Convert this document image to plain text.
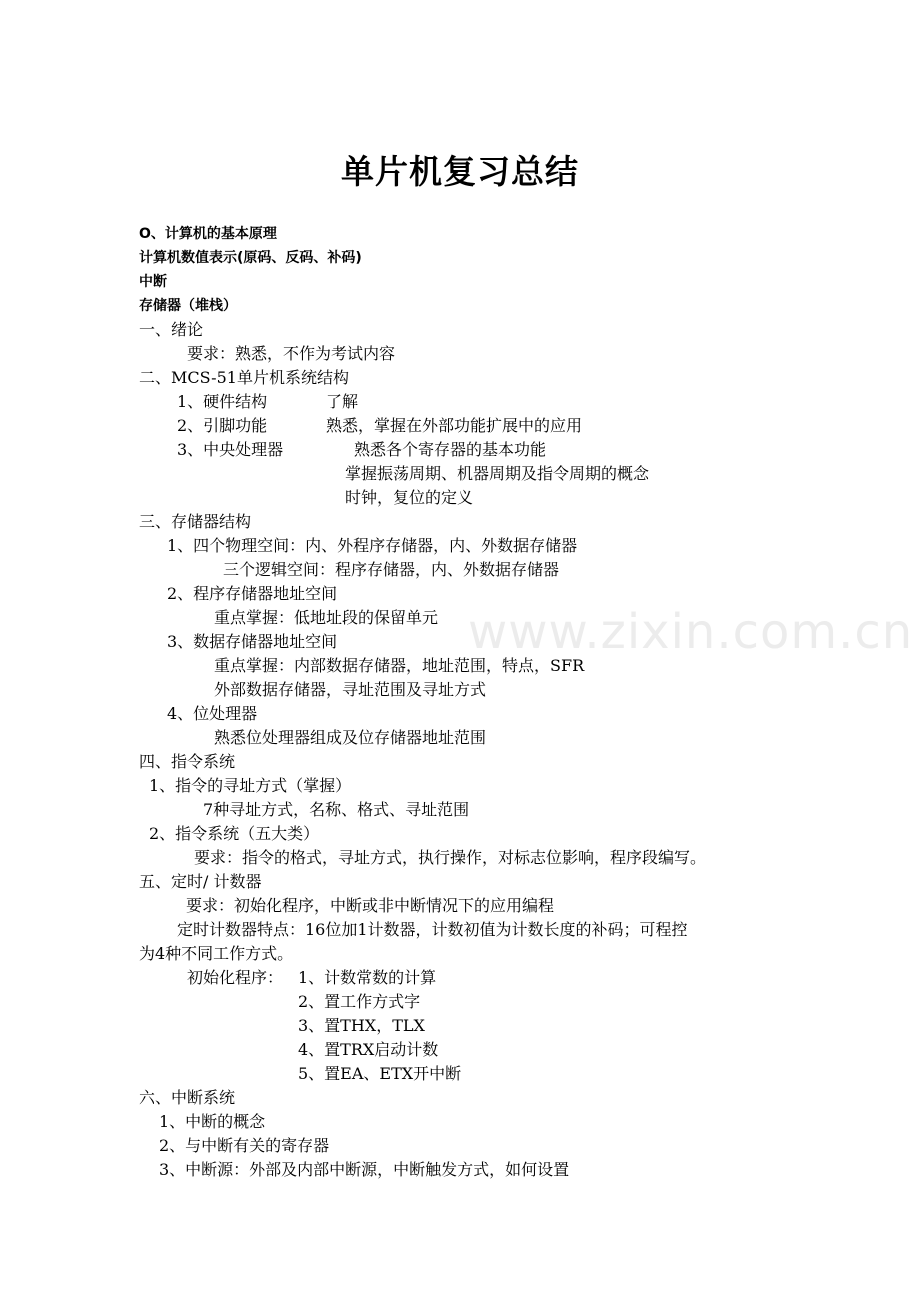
www.zixin.com.cn
单片机复习总结
O、计算机的基本原理
计算机数值表示(原码、反码、补码)
中断
存储器（堆栈）
一、绪论
要求：熟悉，不作为考试内容
二、MCS-51单片机系统结构
1、硬件结构	了解
2、引脚功能	熟悉，掌握在外部功能扩展中的应用
3、中央处理器	熟悉各个寄存器的基本功能
掌握振荡周期、机器周期及指令周期的概念
时钟，复位的定义
三、存储器结构
1、四个物理空间：内、外程序存储器，内、外数据存储器
三个逻辑空间：程序存储器，内、外数据存储器
2、程序存储器地址空间
重点掌握：低地址段的保留单元
3、数据存储器地址空间
重点掌握：内部数据存储器，地址范围，特点，SFR
外部数据存储器，寻址范围及寻址方式
4、位处理器
熟悉位处理器组成及位存储器地址范围
四、指令系统
1、指令的寻址方式（掌握）
7种寻址方式，名称、格式、寻址范围
2、指令系统（五大类）
要求：指令的格式，寻址方式，执行操作，对标志位影响，程序段编写。
五、定时/ 计数器
要求：初始化程序，中断或非中断情况下的应用编程
定时计数器特点：16位加1计数器，计数初值为计数长度的补码；可程控
为4种不同工作方式。
初始化程序： 1、计数常数的计算
2、置工作方式字
3、置THX，TLX
4、置TRX启动计数
5、置EA、ETX开中断
六、中断系统
1、中断的概念
2、与中断有关的寄存器
3、中断源：外部及内部中断源，中断触发方式，如何设置
